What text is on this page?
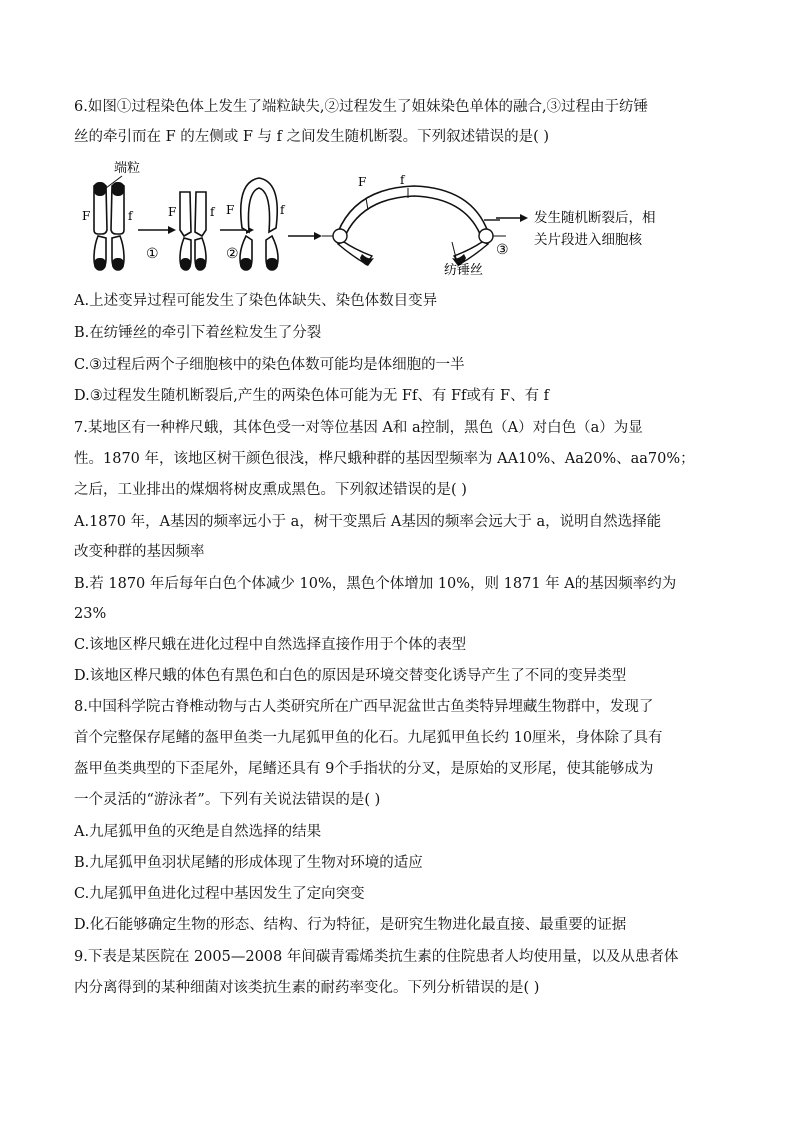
6.如图①过程染色体上发生了端粒缺失,②过程发生了姐妹染色单体的融合,③过程由于纺锤
丝的牵引而在 F 的左侧或 F 与 f 之间发生随机断裂。下列叙述错误的是( )
端粒
F	f
①
F	f
②
F	f
F	f
纺锤丝
③
发生随机断裂后，相
关片段进入细胞核
A.上述变异过程可能发生了染色体缺失、染色体数目变异
B.在纺锤丝的牵引下着丝粒发生了分裂
C.③过程后两个子细胞核中的染色体数可能均是体细胞的一半
D.③过程发生随机断裂后,产生的两染色体可能为无 Ff、有 Ff或有 F、有 f
7.某地区有一种桦尺蛾，其体色受一对等位基因 A和 a控制，黑色（A）对白色（a）为显
性。1870 年，该地区树干颜色很浅，桦尺蛾种群的基因型频率为 AA10%、Aa20%、aa70%；
之后，工业排出的煤烟将树皮熏成黑色。下列叙述错误的是( )
A.1870 年，A基因的频率远小于 a，树干变黑后 A基因的频率会远大于 a，说明自然选择能
改变种群的基因频率
B.若 1870 年后每年白色个体减少 10%，黑色个体增加 10%，则 1871 年 A的基因频率约为
23%
C.该地区桦尺蛾在进化过程中自然选择直接作用于个体的表型
D.该地区桦尺蛾的体色有黑色和白色的原因是环境交替变化诱导产生了不同的变异类型
8.中国科学院古脊椎动物与古人类研究所在广西早泥盆世古鱼类特异埋藏生物群中，发现了
首个完整保存尾鳍的盔甲鱼类一九尾狐甲鱼的化石。九尾狐甲鱼长约 10厘米，身体除了具有
盔甲鱼类典型的下歪尾外，尾鳍还具有 9个手指状的分叉，是原始的叉形尾，使其能够成为
一个灵活的“游泳者”。下列有关说法错误的是( )
A.九尾狐甲鱼的灭绝是自然选择的结果
B.九尾狐甲鱼羽状尾鳍的形成体现了生物对环境的适应
C.九尾狐甲鱼进化过程中基因发生了定向突变
D.化石能够确定生物的形态、结构、行为特征，是研究生物进化最直接、最重要的证据
9.下表是某医院在 2005—2008 年间碳青霉烯类抗生素的住院患者人均使用量，以及从患者体
内分离得到的某种细菌对该类抗生素的耐药率变化。下列分析错误的是( )
